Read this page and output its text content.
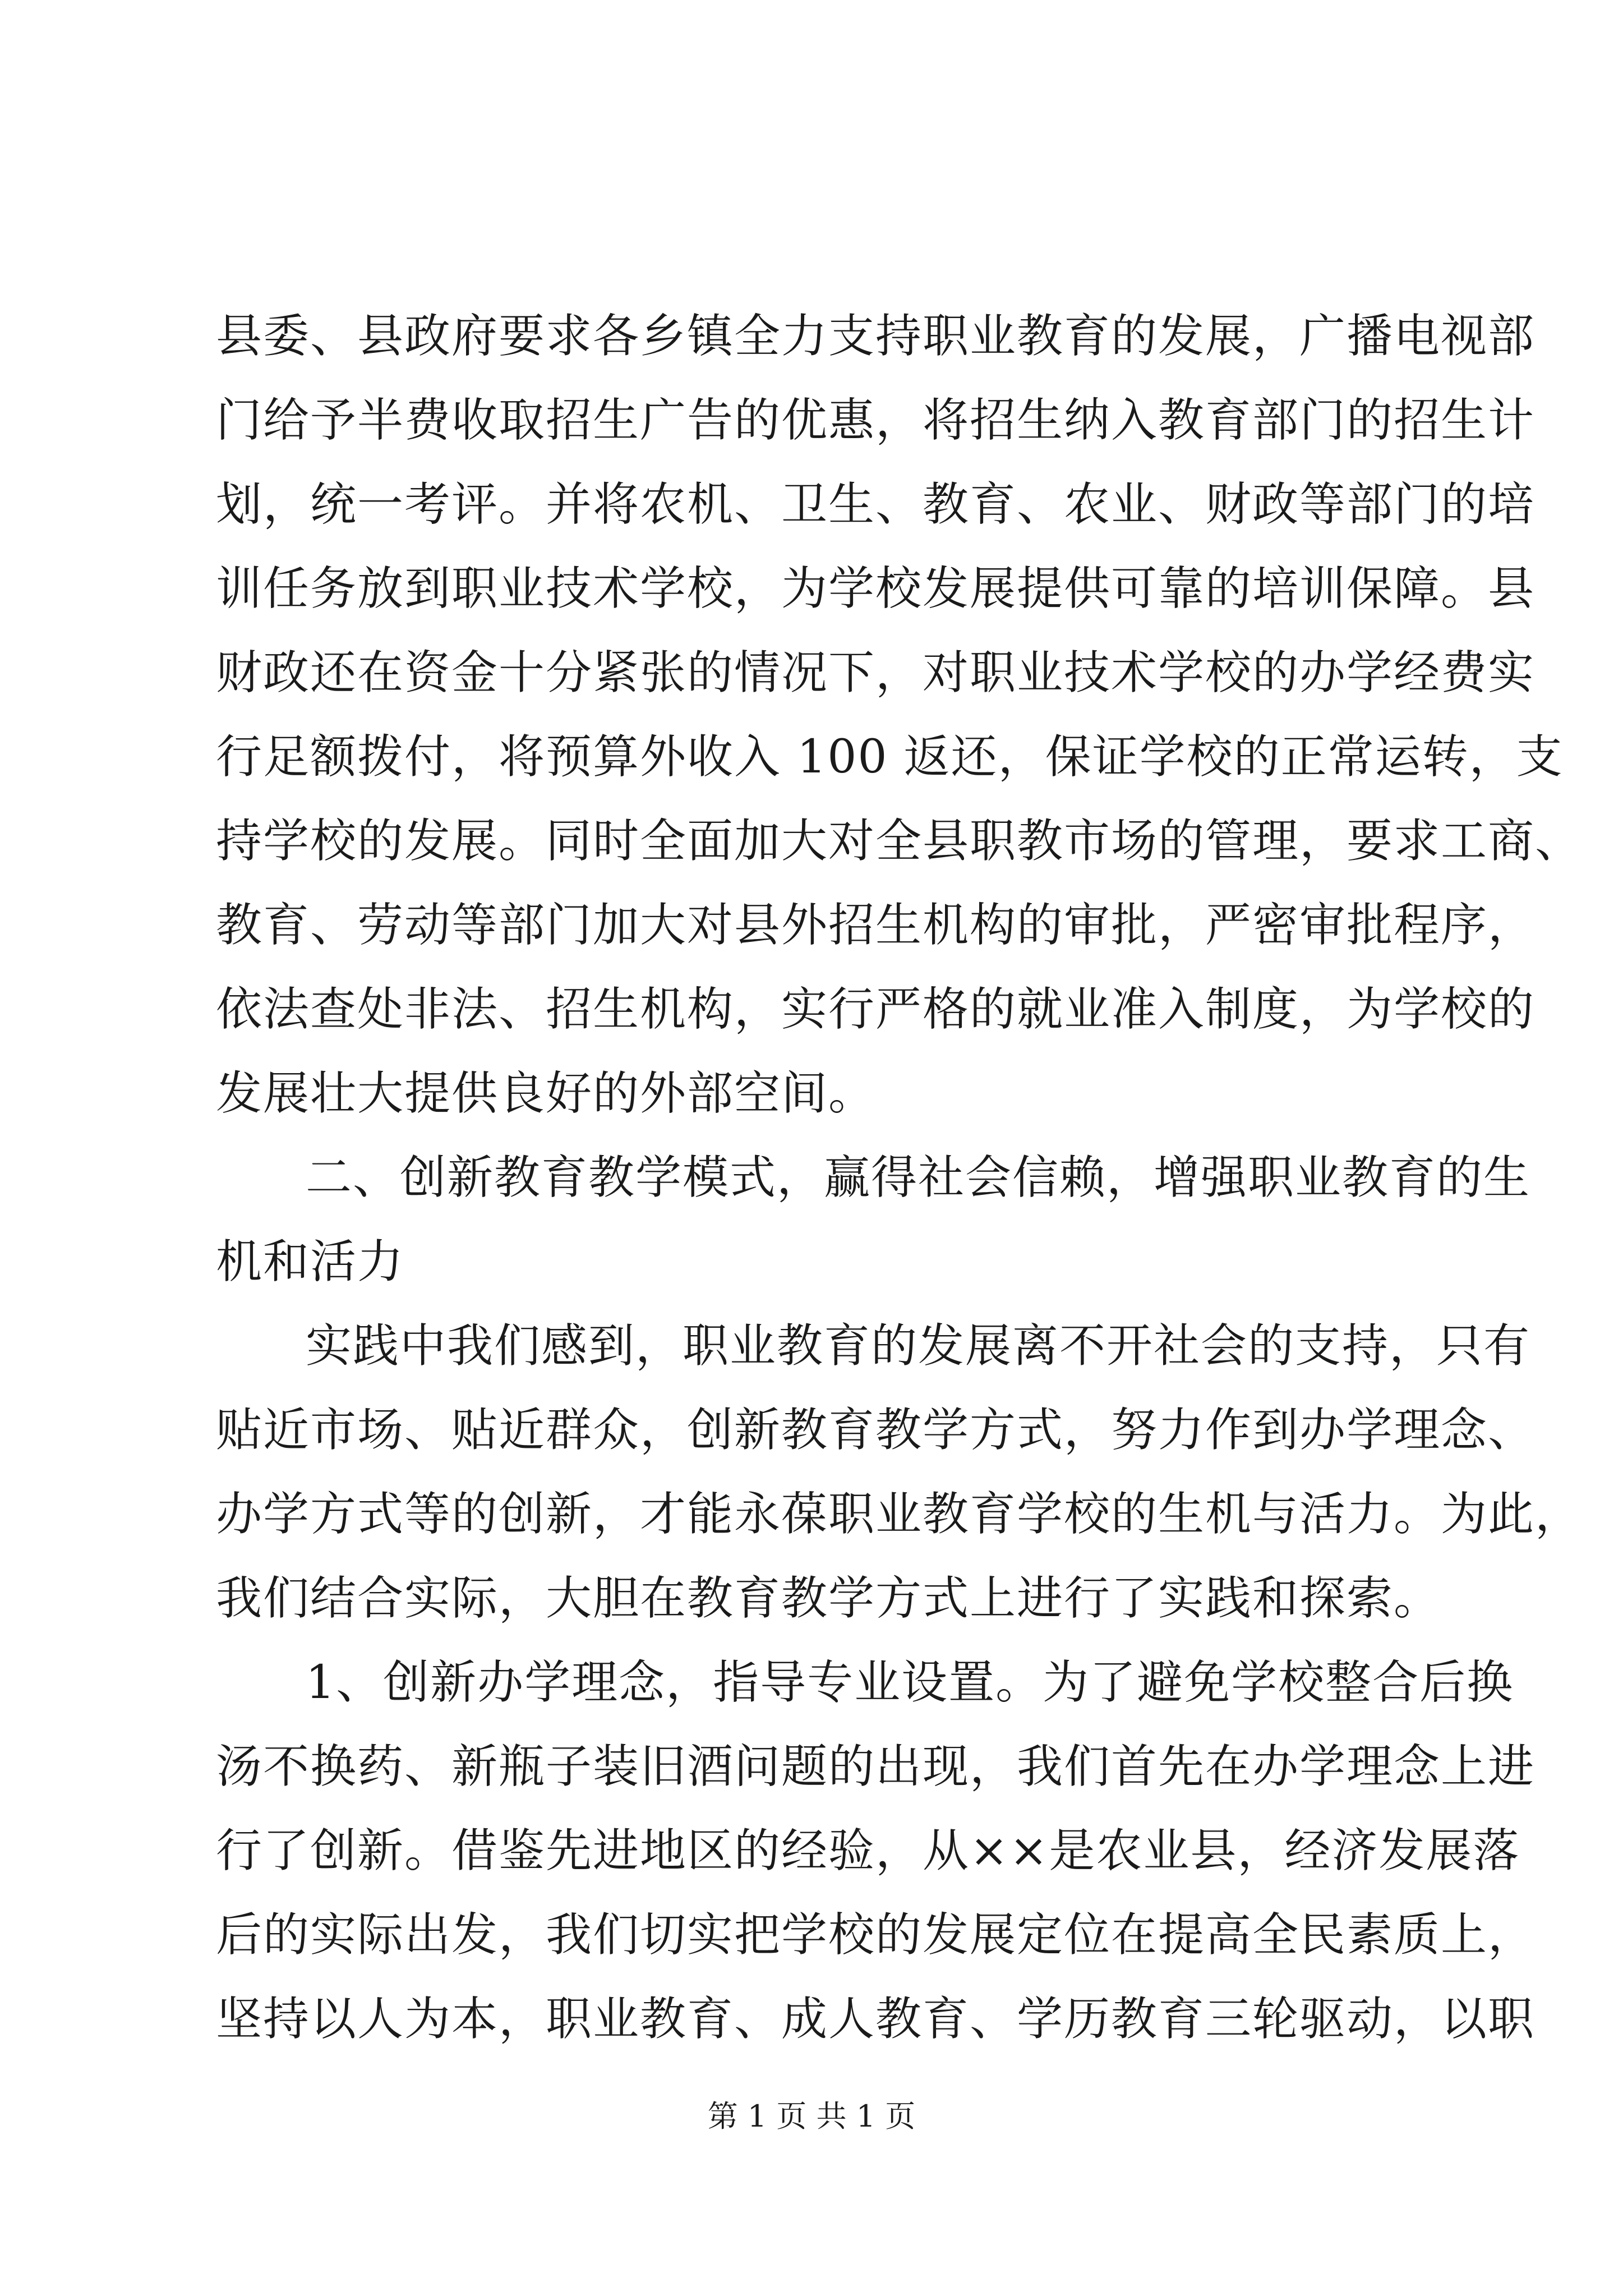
县委、县政府要求各乡镇全力支持职业教育的发展，广播电视部
门给予半费收取招生广告的优惠，将招生纳入教育部门的招生计
划，统一考评。并将农机、卫生、教育、农业、财政等部门的培
训任务放到职业技术学校，为学校发展提供可靠的培训保障。县
财政还在资金十分紧张的情况下，对职业技术学校的办学经费实
行足额拨付，将预算外收入 100 返还，保证学校的正常运转，支
持学校的发展。同时全面加大对全县职教市场的管理，要求工商、
教育、劳动等部门加大对县外招生机构的审批，严密审批程序，
依法查处非法、招生机构，实行严格的就业准入制度，为学校的
发展壮大提供良好的外部空间。
二、创新教育教学模式，赢得社会信赖，增强职业教育的生
机和活力
实践中我们感到，职业教育的发展离不开社会的支持，只有
贴近市场、贴近群众，创新教育教学方式，努力作到办学理念、
办学方式等的创新，才能永葆职业教育学校的生机与活力。为此，
我们结合实际，大胆在教育教学方式上进行了实践和探索。
1、创新办学理念，指导专业设置。为了避免学校整合后换
汤不换药、新瓶子装旧酒问题的出现，我们首先在办学理念上进
行了创新。借鉴先进地区的经验，从××是农业县，经济发展落
后的实际出发，我们切实把学校的发展定位在提高全民素质上，
坚持以人为本，职业教育、成人教育、学历教育三轮驱动，以职
第 1 页 共 1 页
